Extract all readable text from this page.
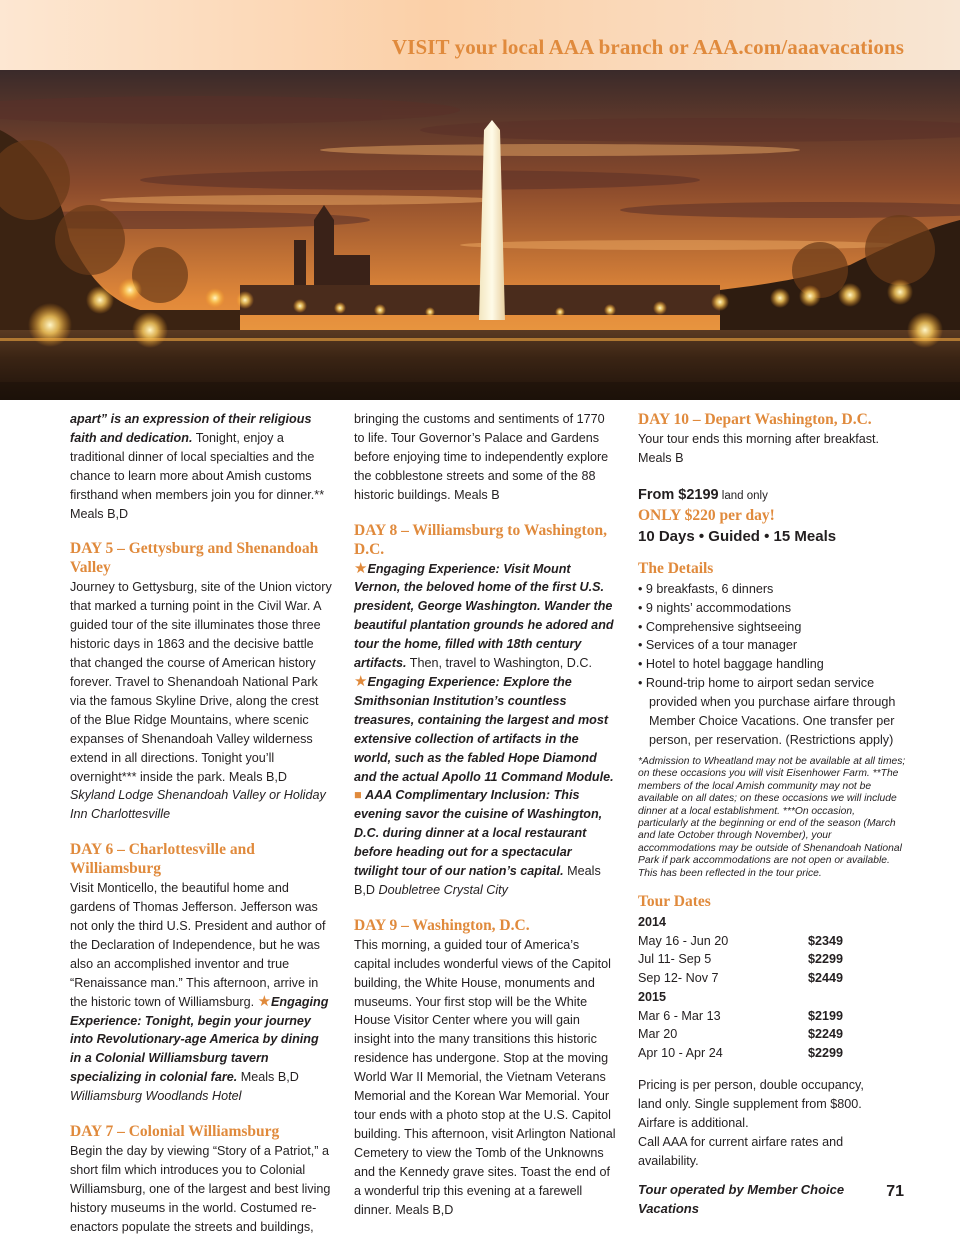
VISIT your local AAA branch or AAA.com/aaavacations

apart” is an expression of their religious faith and dedication. Tonight, enjoy a traditional dinner of local specialties and the chance to learn more about Amish customs firsthand when members join you for dinner.** Meals B,D

DAY 5 – Gettysburg and Shenandoah Valley

Journey to Gettysburg, site of the Union victory that marked a turning point in the Civil War. A guided tour of the site illuminates those three historic days in 1863 and the decisive battle that changed the course of American history forever. Travel to Shenandoah National Park via the famous Skyline Drive, along the crest of the Blue Ridge Mountains, where scenic expanses of Shenandoah Valley wilderness extend in all directions. Tonight you’ll overnight*** inside the park. Meals B,D Skyland Lodge Shenandoah Valley or Holiday Inn Charlottesville

DAY 6 – Charlottesville and Williamsburg

Visit Monticello, the beautiful home and gardens of Thomas Jefferson. Jefferson was not only the third U.S. President and author of the Declaration of Independence, but he was also an accomplished inventor and true “Renaissance man.” This afternoon, arrive in the historic town of Williamsburg. ★Engaging Experience: Tonight, begin your journey into Revolutionary-age America by dining in a Colonial Williamsburg tavern specializing in colonial fare. Meals B,D Williamsburg Woodlands Hotel

DAY 7 – Colonial Williamsburg

Begin the day by viewing “Story of a Patriot,” a short film which introduces you to Colonial Williamsburg, one of the largest and best living history museums in the world. Costumed re-enactors populate the streets and buildings,

bringing the customs and sentiments of 1770 to life. Tour Governor’s Palace and Gardens before enjoying time to independently explore the cobblestone streets and some of the 88 historic buildings. Meals B

DAY 8 – Williamsburg to Washington, D.C.

★Engaging Experience: Visit Mount Vernon, the beloved home of the first U.S. president, George Washington. Wander the beautiful plantation grounds he adored and tour the home, filled with 18th century artifacts. Then, travel to Washington, D.C. ★Engaging Experience: Explore the Smithsonian Institution’s countless treasures, containing the largest and most extensive collection of artifacts in the world, such as the fabled Hope Diamond and the actual Apollo 11 Command Module. ■ AAA Complimentary Inclusion: This evening savor the cuisine of Washington, D.C. during dinner at a local restaurant before heading out for a spectacular twilight tour of our nation’s capital. Meals B,D Doubletree Crystal City

DAY 9 – Washington, D.C.

This morning, a guided tour of America’s capital includes wonderful views of the Capitol building, the White House, monuments and museums. Your first stop will be the White House Visitor Center where you will gain insight into the many transitions this historic residence has undergone. Stop at the moving World War II Memorial, the Vietnam Veterans Memorial and the Korean War Memorial. Your tour ends with a photo stop at the U.S. Capitol building. This afternoon, visit Arlington National Cemetery to view the Tomb of the Unknowns and the Kennedy grave sites. Toast the end of a wonderful trip this evening at a farewell dinner. Meals B,D

DAY 10 – Depart Washington, D.C.

Your tour ends this morning after breakfast. Meals B

From $2199 land only
ONLY $220 per day!
10 Days • Guided • 15 Meals
The Details
• 9 breakfasts, 6 dinners
• 9 nights’ accommodations
• Comprehensive sightseeing
• Services of a tour manager
• Hotel to hotel baggage handling
• Round-trip home to airport sedan service provided when you purchase airfare through Member Choice Vacations. One transfer per person, per reservation. (Restrictions apply)
*Admission to Wheatland may not be available at all times; on these occasions you will visit Eisenhower Farm. **The members of the local Amish community may not be available on all dates; on these occasions we will include dinner at a local establishment. ***On occasion, particularly at the beginning or end of the season (March and late October through November), your accommodations may be outside of Shenandoah National Park if park accommodations are not open or available. This has been reflected in the tour price.
Tour Dates
2014
May 16 - Jun 20	$2349
Jul 11- Sep 5	$2299
Sep 12- Nov 7	$2449
2015
Mar 6 - Mar 13	$2199
Mar 20	$2249
Apr 10 - Apr 24	$2299
Pricing is per person, double occupancy,
land only. Single supplement from $800.
Airfare is additional.
Call AAA for current airfare rates and availability.
Tour operated by Member Choice Vacations
71
